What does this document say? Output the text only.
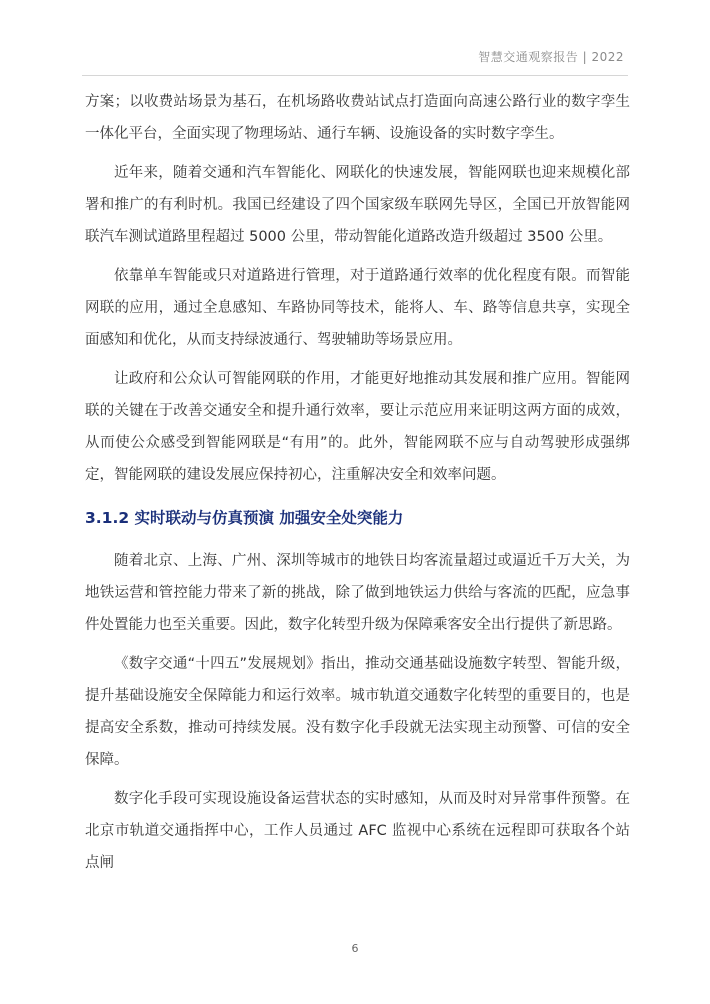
智慧交通观察报告 | 2022

方案；以收费站场景为基石，在机场路收费站试点打造面向高速公路行业的数字孪生一体化平台，全面实现了物理场站、通行车辆、设施设备的实时数字孪生。

近年来，随着交通和汽车智能化、网联化的快速发展，智能网联也迎来规模化部署和推广的有利时机。我国已经建设了四个国家级车联网先导区，全国已开放智能网联汽车测试道路里程超过 5000 公里，带动智能化道路改造升级超过 3500 公里。

依靠单车智能或只对道路进行管理，对于道路通行效率的优化程度有限。而智能网联的应用，通过全息感知、车路协同等技术，能将人、车、路等信息共享，实现全面感知和优化，从而支持绿波通行、驾驶辅助等场景应用。

让政府和公众认可智能网联的作用，才能更好地推动其发展和推广应用。智能网联的关键在于改善交通安全和提升通行效率，要让示范应用来证明这两方面的成效，从而使公众感受到智能网联是“有用”的。此外，智能网联不应与自动驾驶形成强绑定，智能网联的建设发展应保持初心，注重解决安全和效率问题。

3.1.2 实时联动与仿真预演 加强安全处突能力

随着北京、上海、广州、深圳等城市的地铁日均客流量超过或逼近千万大关，为地铁运营和管控能力带来了新的挑战，除了做到地铁运力供给与客流的匹配，应急事件处置能力也至关重要。因此，数字化转型升级为保障乘客安全出行提供了新思路。

《数字交通“十四五”发展规划》指出，推动交通基础设施数字转型、智能升级，提升基础设施安全保障能力和运行效率。城市轨道交通数字化转型的重要目的，也是提高安全系数，推动可持续发展。没有数字化手段就无法实现主动预警、可信的安全保障。

数字化手段可实现设施设备运营状态的实时感知，从而及时对异常事件预警。在北京市轨道交通指挥中心，工作人员通过 AFC 监视中心系统在远程即可获取各个站点闸

6
